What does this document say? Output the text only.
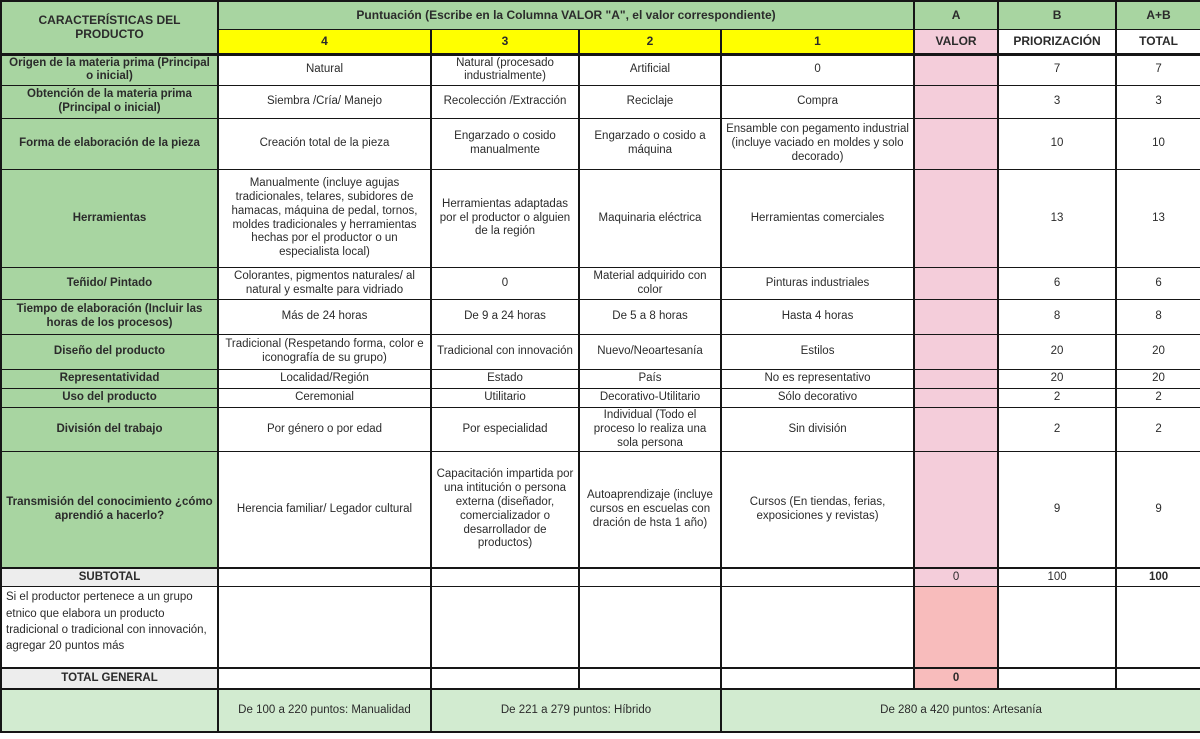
CARACTERÍSTICAS DEL PRODUCTO	Puntuación (Escribe en la Columna VALOR "A", el valor correspondiente)				A	B	A+B
	4	3	2	1	VALOR	PRIORIZACIÓN	TOTAL
Origen de la materia prima (Principal o inicial)	Natural	Natural (procesado industrialmente)	Artificial	0		7	7
Obtención de la materia prima (Principal o inicial)	Siembra /Cría/ Manejo	Recolección /Extracción	Reciclaje	Compra		3	3
Forma de elaboración de la pieza	Creación total de la pieza	Engarzado o cosido manualmente	Engarzado o cosido a máquina	Ensamble con pegamento industrial (incluye vaciado en moldes y solo decorado)		10	10
Herramientas	Manualmente (incluye agujas tradicionales, telares, subidores de hamacas, máquina de pedal, tornos, moldes tradicionales y herramientas hechas por el productor o un especialista local)	Herramientas adaptadas por el productor o alguien de la región	Maquinaria eléctrica	Herramientas comerciales		13	13
Teñido/ Pintado	Colorantes, pigmentos naturales/ al natural y esmalte para vidriado	0	Material adquirido con color	Pinturas industriales		6	6
Tiempo de elaboración (Incluir las horas de los procesos)	Más de 24 horas	De 9 a 24 horas	De 5 a 8 horas	Hasta 4 horas		8	8
Diseño del producto	Tradicional (Respetando forma, color e iconografía de su grupo)	Tradicional con innovación	Nuevo/Neoartesanía	Estilos		20	20
Representatividad	Localidad/Región	Estado	País	No es representativo		20	20
Uso del producto	Ceremonial	Utilitario	Decorativo-Utilitario	Sólo decorativo		2	2
División del trabajo	Por género o por edad	Por especialidad	Individual (Todo el proceso lo realiza una sola persona	Sin división		2	2
Transmisión del conocimiento ¿cómo aprendió a hacerlo?	Herencia familiar/ Legador cultural	Capacitación impartida por una intitución o persona externa (diseñador, comercializador o desarrollador de productos)	Autoaprendizaje (incluye cursos en escuelas con dración de hsta 1 año)	Cursos (En tiendas, ferias, exposiciones y revistas)		9	9
SUBTOTAL					0	100	100
Si el productor pertenece a un grupo etnico que elabora un producto tradicional o tradicional con innovación, agregar 20 puntos más							
TOTAL GENERAL					0		
	De 100 a 220 puntos: Manualidad	De 221 a 279 puntos: Híbrido		De 280 a 420 puntos: Artesanía			
